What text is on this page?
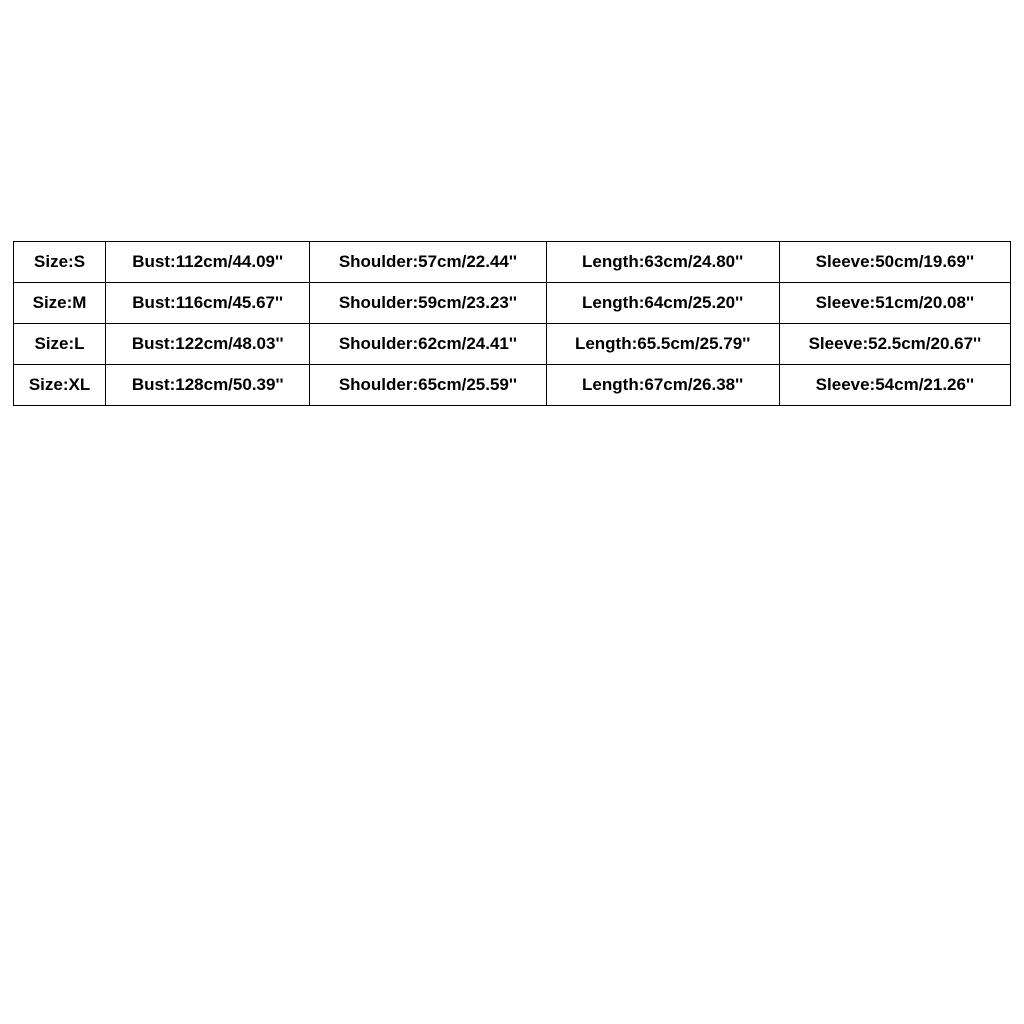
Size:S	Bust:112cm/44.09''	Shoulder:57cm/22.44''	Length:63cm/24.80''	Sleeve:50cm/19.69''
Size:M	Bust:116cm/45.67''	Shoulder:59cm/23.23''	Length:64cm/25.20''	Sleeve:51cm/20.08''
Size:L	Bust:122cm/48.03''	Shoulder:62cm/24.41''	Length:65.5cm/25.79''	Sleeve:52.5cm/20.67''
Size:XL	Bust:128cm/50.39''	Shoulder:65cm/25.59''	Length:67cm/26.38''	Sleeve:54cm/21.26''
